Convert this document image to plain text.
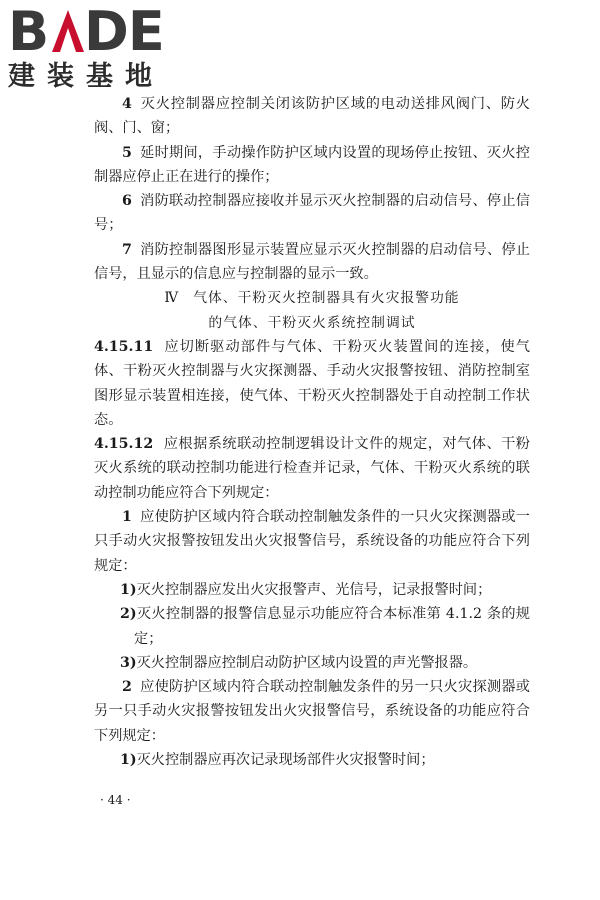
B DE
建装基地

4 灭火控制器应控制关闭该防护区域的电动送排风阀门、防火阀、门、窗；

5 延时期间，手动操作防护区域内设置的现场停止按钮、灭火控制器应停止正在进行的操作；

6 消防联动控制器应接收并显示灭火控制器的启动信号、停止信号；

7 消防控制器图形显示装置应显示灭火控制器的启动信号、停止信号，且显示的信息应与控制器的显示一致。

Ⅳ 气体、干粉灭火控制器具有火灾报警功能

的气体、干粉灭火系统控制调试

4.15.11 应切断驱动部件与气体、干粉灭火装置间的连接，使气体、干粉灭火控制器与火灾探测器、手动火灾报警按钮、消防控制室图形显示装置相连接，使气体、干粉灭火控制器处于自动控制工作状态。

4.15.12 应根据系统联动控制逻辑设计文件的规定，对气体、干粉灭火系统的联动控制功能进行检查并记录，气体、干粉灭火系统的联动控制功能应符合下列规定：

1 应使防护区域内符合联动控制触发条件的一只火灾探测器或一只手动火灾报警按钮发出火灾报警信号，系统设备的功能应符合下列规定：

1)灭火控制器应发出火灾报警声、光信号，记录报警时间；

2)灭火控制器的报警信息显示功能应符合本标准第 4.1.2 条的规定；

3)灭火控制器应控制启动防护区域内设置的声光警报器。

2 应使防护区域内符合联动控制触发条件的另一只火灾探测器或另一只手动火灾报警按钮发出火灾报警信号，系统设备的功能应符合下列规定：

1)灭火控制器应再次记录现场部件火灾报警时间；

· 44 ·
